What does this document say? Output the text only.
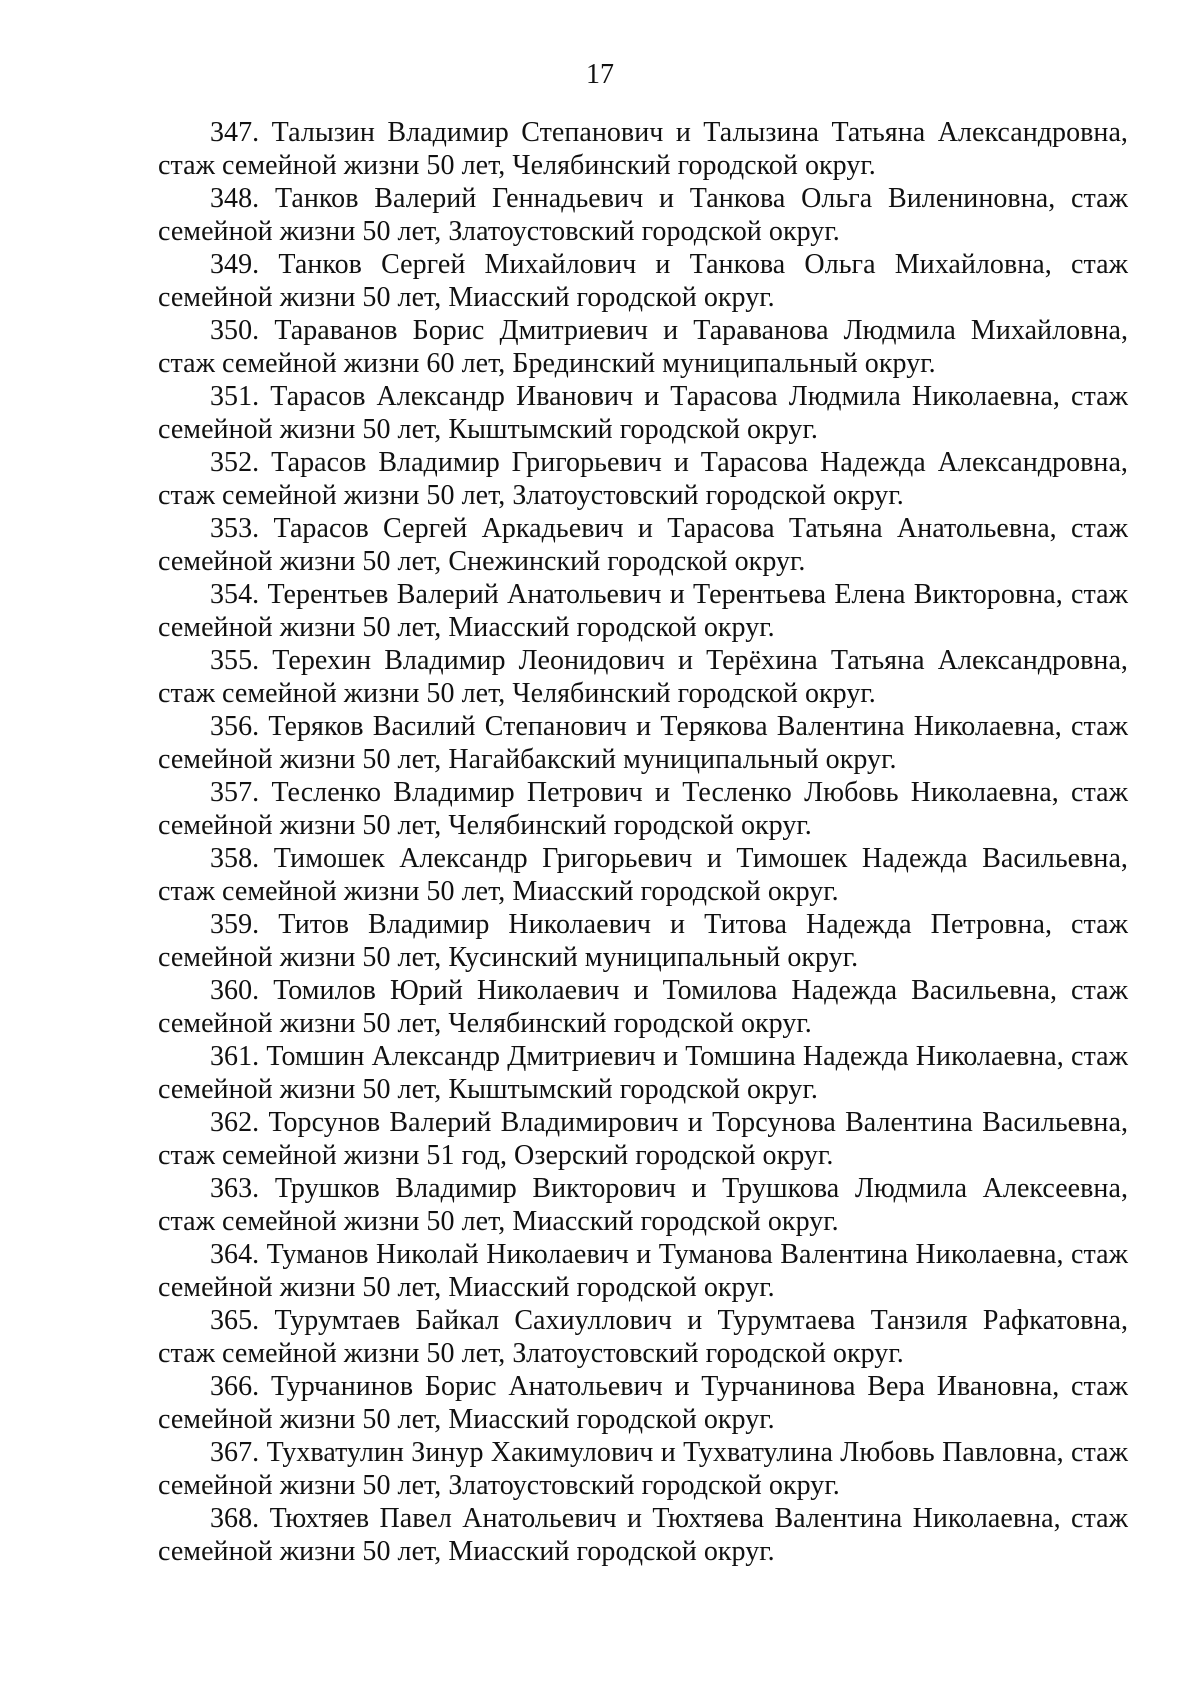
17

347. Талызин Владимир Степанович и Талызина Татьяна Александровна, стаж семейной жизни 50 лет, Челябинский городской округ.

348. Танков Валерий Геннадьевич и Танкова Ольга Вилениновна, стаж семейной жизни 50 лет, Златоустовский городской округ.

349. Танков Сергей Михайлович и Танкова Ольга Михайловна, стаж семейной жизни 50 лет, Миасский городской округ.

350. Тараванов Борис Дмитриевич и Тараванова Людмила Михайловна, стаж семейной жизни 60 лет, Брединский муниципальный округ.

351. Тарасов Александр Иванович и Тарасова Людмила Николаевна, стаж семейной жизни 50 лет, Кыштымский городской округ.

352. Тарасов Владимир Григорьевич и Тарасова Надежда Александровна, стаж семейной жизни 50 лет, Златоустовский городской округ.

353. Тарасов Сергей Аркадьевич и Тарасова Татьяна Анатольевна, стаж семейной жизни 50 лет, Снежинский городской округ.

354. Терентьев Валерий Анатольевич и Терентьева Елена Викторовна, стаж семейной жизни 50 лет, Миасский городской округ.

355. Терехин Владимир Леонидович и Терёхина Татьяна Александровна, стаж семейной жизни 50 лет, Челябинский городской округ.

356. Теряков Василий Степанович и Терякова Валентина Николаевна, стаж семейной жизни 50 лет, Нагайбакский муниципальный округ.

357. Тесленко Владимир Петрович и Тесленко Любовь Николаевна, стаж семейной жизни 50 лет, Челябинский городской округ.

358. Тимошек Александр Григорьевич и Тимошек Надежда Васильевна, стаж семейной жизни 50 лет, Миасский городской округ.

359. Титов Владимир Николаевич и Титова Надежда Петровна, стаж семейной жизни 50 лет, Кусинский муниципальный округ.

360. Томилов Юрий Николаевич и Томилова Надежда Васильевна, стаж семейной жизни 50 лет, Челябинский городской округ.

361. Томшин Александр Дмитриевич и Томшина Надежда Николаевна, стаж семейной жизни 50 лет, Кыштымский городской округ.

362. Торсунов Валерий Владимирович и Торсунова Валентина Васильевна, стаж семейной жизни 51 год, Озерский городской округ.

363. Трушков Владимир Викторович и Трушкова Людмила Алексеевна, стаж семейной жизни 50 лет, Миасский городской округ.

364. Туманов Николай Николаевич и Туманова Валентина Николаевна, стаж семейной жизни 50 лет, Миасский городской округ.

365. Турумтаев Байкал Сахиуллович и Турумтаева Танзиля Рафкатовна, стаж семейной жизни 50 лет, Златоустовский городской округ.

366. Турчанинов Борис Анатольевич и Турчанинова Вера Ивановна, стаж семейной жизни 50 лет, Миасский городской округ.

367. Тухватулин Зинур Хакимулович и Тухватулина Любовь Павловна, стаж семейной жизни 50 лет, Златоустовский городской округ.

368. Тюхтяев Павел Анатольевич и Тюхтяева Валентина Николаевна, стаж семейной жизни 50 лет, Миасский городской округ.
